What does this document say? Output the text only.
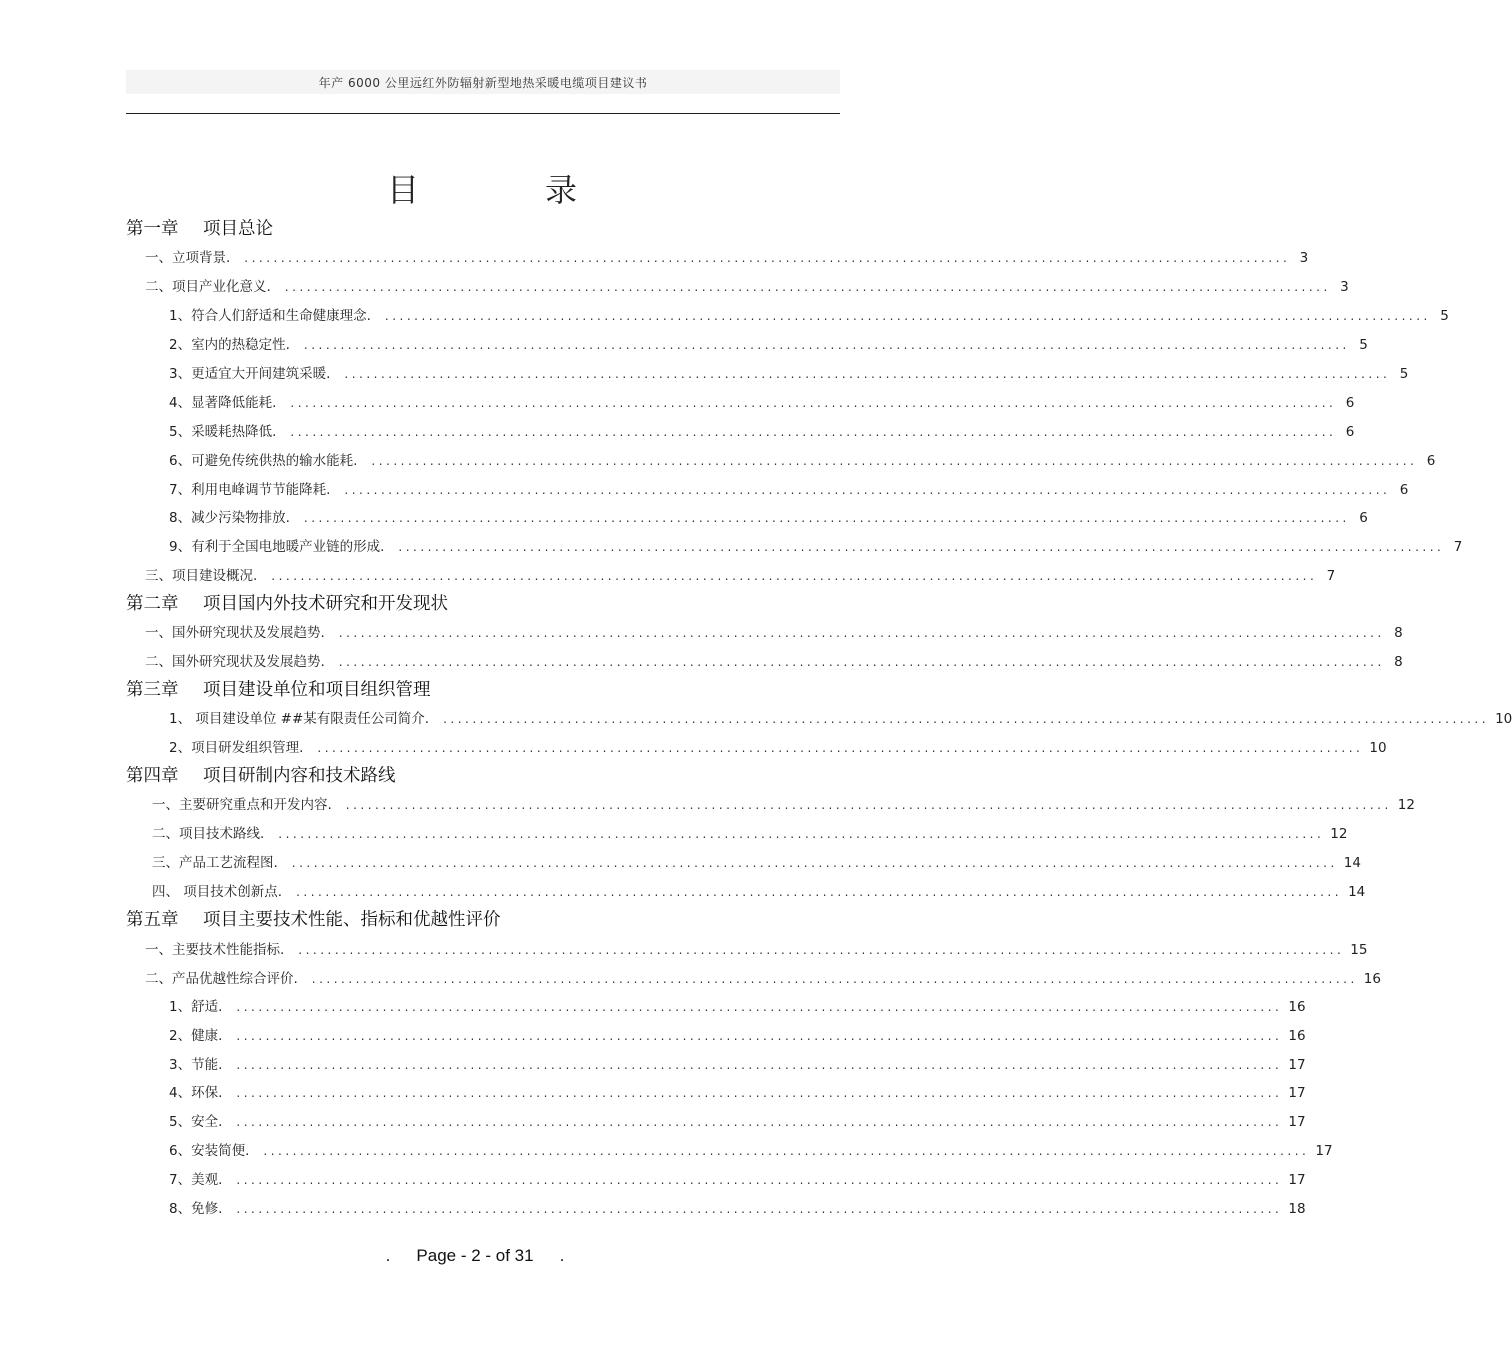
年产 6000 公里远红外防辐射新型地热采暖电缆项目建议书
目	录
第一章 项目总论
一、立项背景. ............................................................................................................................................... 3
二、项目产业化意义. ............................................................................................................................................... 3
1、符合人们舒适和生命健康理念. ............................................................................................................................................... 5
2、室内的热稳定性. ............................................................................................................................................... 5
3、更适宜大开间建筑采暖. ............................................................................................................................................... 5
4、显著降低能耗. ............................................................................................................................................... 6
5、采暖耗热降低. ............................................................................................................................................... 6
6、可避免传统供热的输水能耗. ............................................................................................................................................... 6
7、利用电峰调节节能降耗. ............................................................................................................................................... 6
8、减少污染物排放. ............................................................................................................................................... 6
9、有利于全国电地暖产业链的形成. ............................................................................................................................................... 7
三、项目建设概况. ............................................................................................................................................... 7
第二章 项目国内外技术研究和开发现状
一、国外研究现状及发展趋势. ............................................................................................................................................... 8
二、国外研究现状及发展趋势. ............................................................................................................................................... 8
第三章 项目建设单位和项目组织管理
1、 项目建设单位 ##某有限责任公司简介. ............................................................................................................................................... 10
2、项目研发组织管理. ............................................................................................................................................... 10
第四章 项目研制内容和技术路线
一、主要研究重点和开发内容. ............................................................................................................................................... 12
二、项目技术路线. ............................................................................................................................................... 12
三、产品工艺流程图. ............................................................................................................................................... 14
四、 项目技术创新点. ............................................................................................................................................... 14
第五章 项目主要技术性能、指标和优越性评价
一、主要技术性能指标. ............................................................................................................................................... 15
二、产品优越性综合评价. ............................................................................................................................................... 16
1、舒适. ............................................................................................................................................... 16
2、健康. ............................................................................................................................................... 16
3、节能. ............................................................................................................................................... 17
4、环保. ............................................................................................................................................... 17
5、安全. ............................................................................................................................................... 17
6、安装简便. ............................................................................................................................................... 17
7、美观. ............................................................................................................................................... 17
8、免修. ............................................................................................................................................... 18
. Page - 2 - of 31 .
